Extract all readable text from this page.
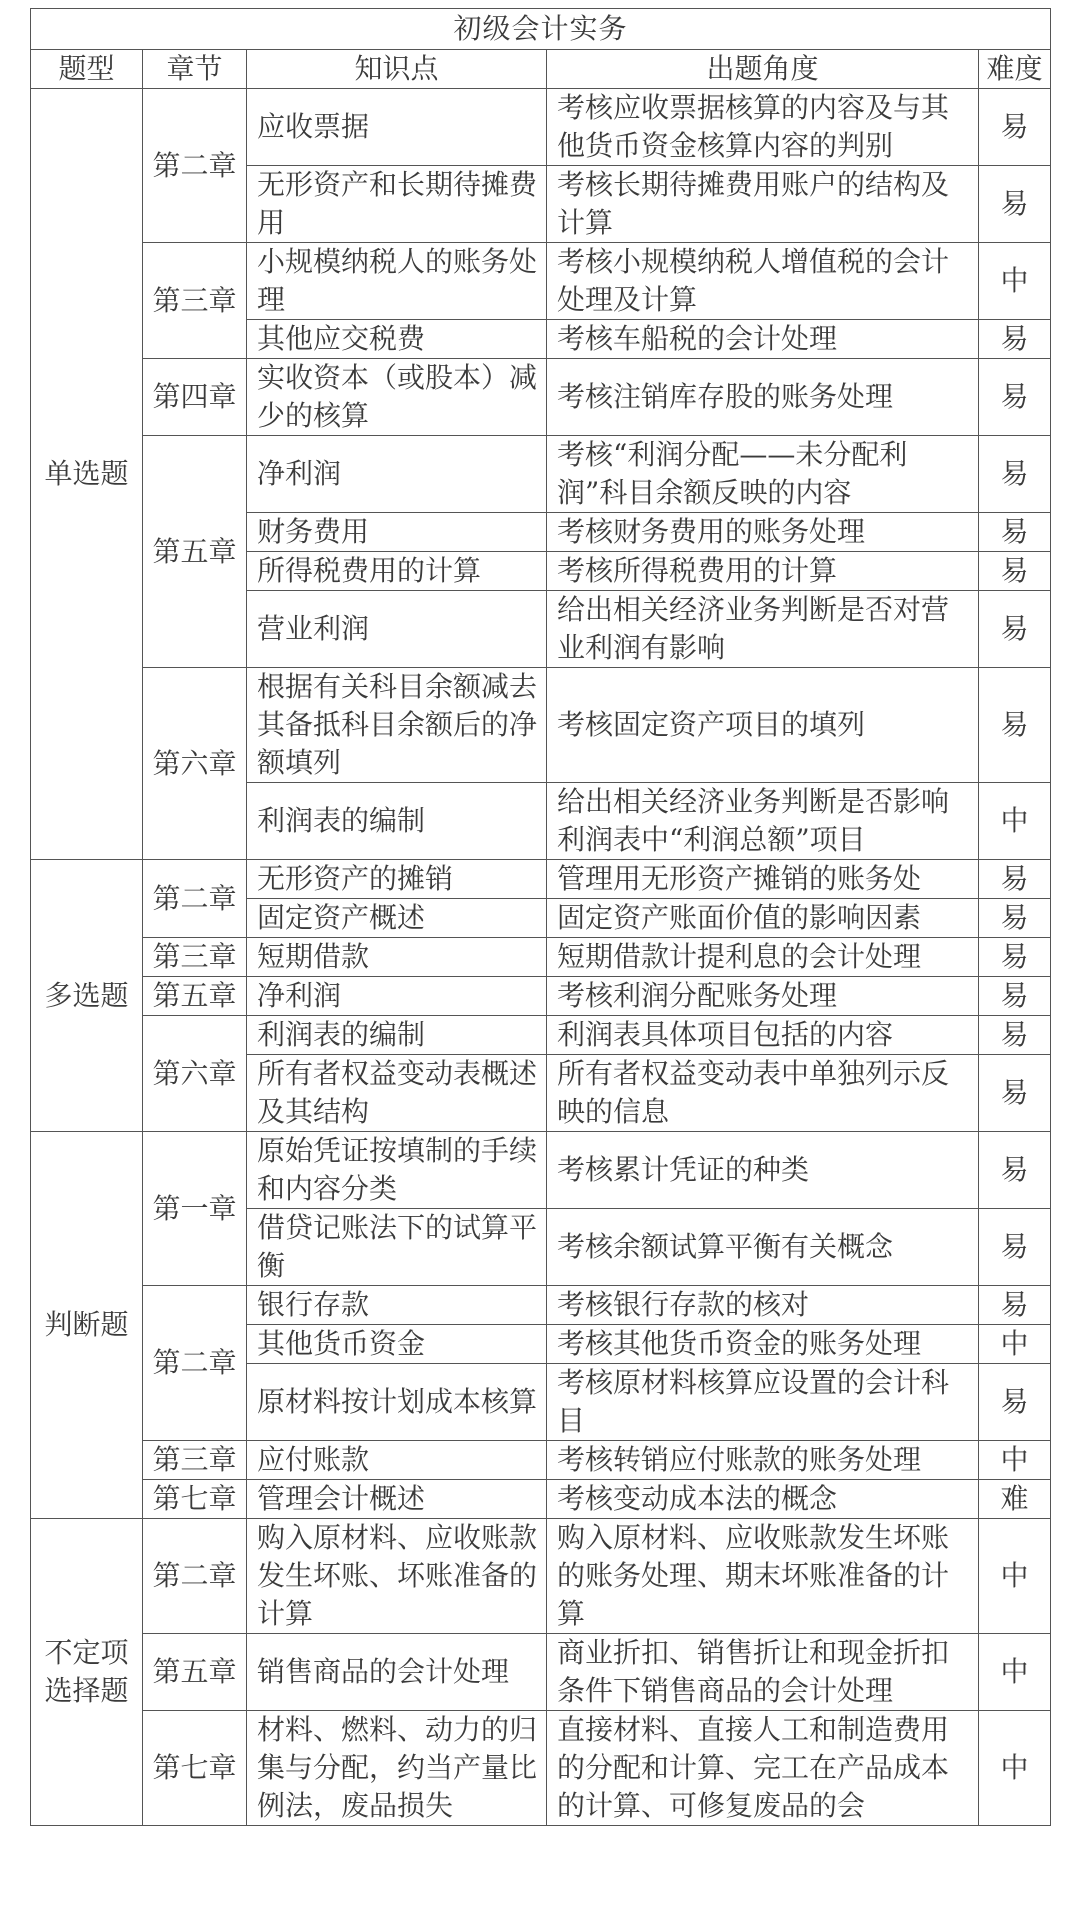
初级会计实务				
题型	章节	知识点	出题角度	难度
单选题	第二章	应收票据	考核应收票据核算的内容及与其他货币资金核算内容的判别	易
		无形资产和长期待摊费用	考核长期待摊费用账户的结构及计算	易
	第三章	小规模纳税人的账务处理	考核小规模纳税人增值税的会计处理及计算	中
		其他应交税费	考核车船税的会计处理	易
	第四章	实收资本（或股本）减少的核算	考核注销库存股的账务处理	易
	第五章	净利润	考核“利润分配——未分配利润”科目余额反映的内容	易
		财务费用	考核财务费用的账务处理	易
		所得税费用的计算	考核所得税费用的计算	易
		营业利润	给出相关经济业务判断是否对营业利润有影响	易
	第六章	根据有关科目余额减去其备抵科目余额后的净额填列	考核固定资产项目的填列	易
		利润表的编制	给出相关经济业务判断是否影响利润表中“利润总额”项目	中
多选题	第二章	无形资产的摊销	管理用无形资产摊销的账务处	易
		固定资产概述	固定资产账面价值的影响因素	易
	第三章	短期借款	短期借款计提利息的会计处理	易
	第五章	净利润	考核利润分配账务处理	易
	第六章	利润表的编制	利润表具体项目包括的内容	易
		所有者权益变动表概述及其结构	所有者权益变动表中单独列示反映的信息	易
判断题	第一章	原始凭证按填制的手续和内容分类	考核累计凭证的种类	易
		借贷记账法下的试算平衡	考核余额试算平衡有关概念	易
	第二章	银行存款	考核银行存款的核对	易
		其他货币资金	考核其他货币资金的账务处理	中
		原材料按计划成本核算	考核原材料核算应设置的会计科目	易
	第三章	应付账款	考核转销应付账款的账务处理	中
	第七章	管理会计概述	考核变动成本法的概念	难
不定项选择题	第二章	购入原材料、应收账款发生坏账、坏账准备的计算	购入原材料、应收账款发生坏账的账务处理、期末坏账准备的计算	中
	第五章	销售商品的会计处理	商业折扣、销售折让和现金折扣条件下销售商品的会计处理	中
	第七章	材料、燃料、动力的归集与分配，约当产量比例法，废品损失	直接材料、直接人工和制造费用的分配和计算、完工在产品成本的计算、可修复废品的会	中
